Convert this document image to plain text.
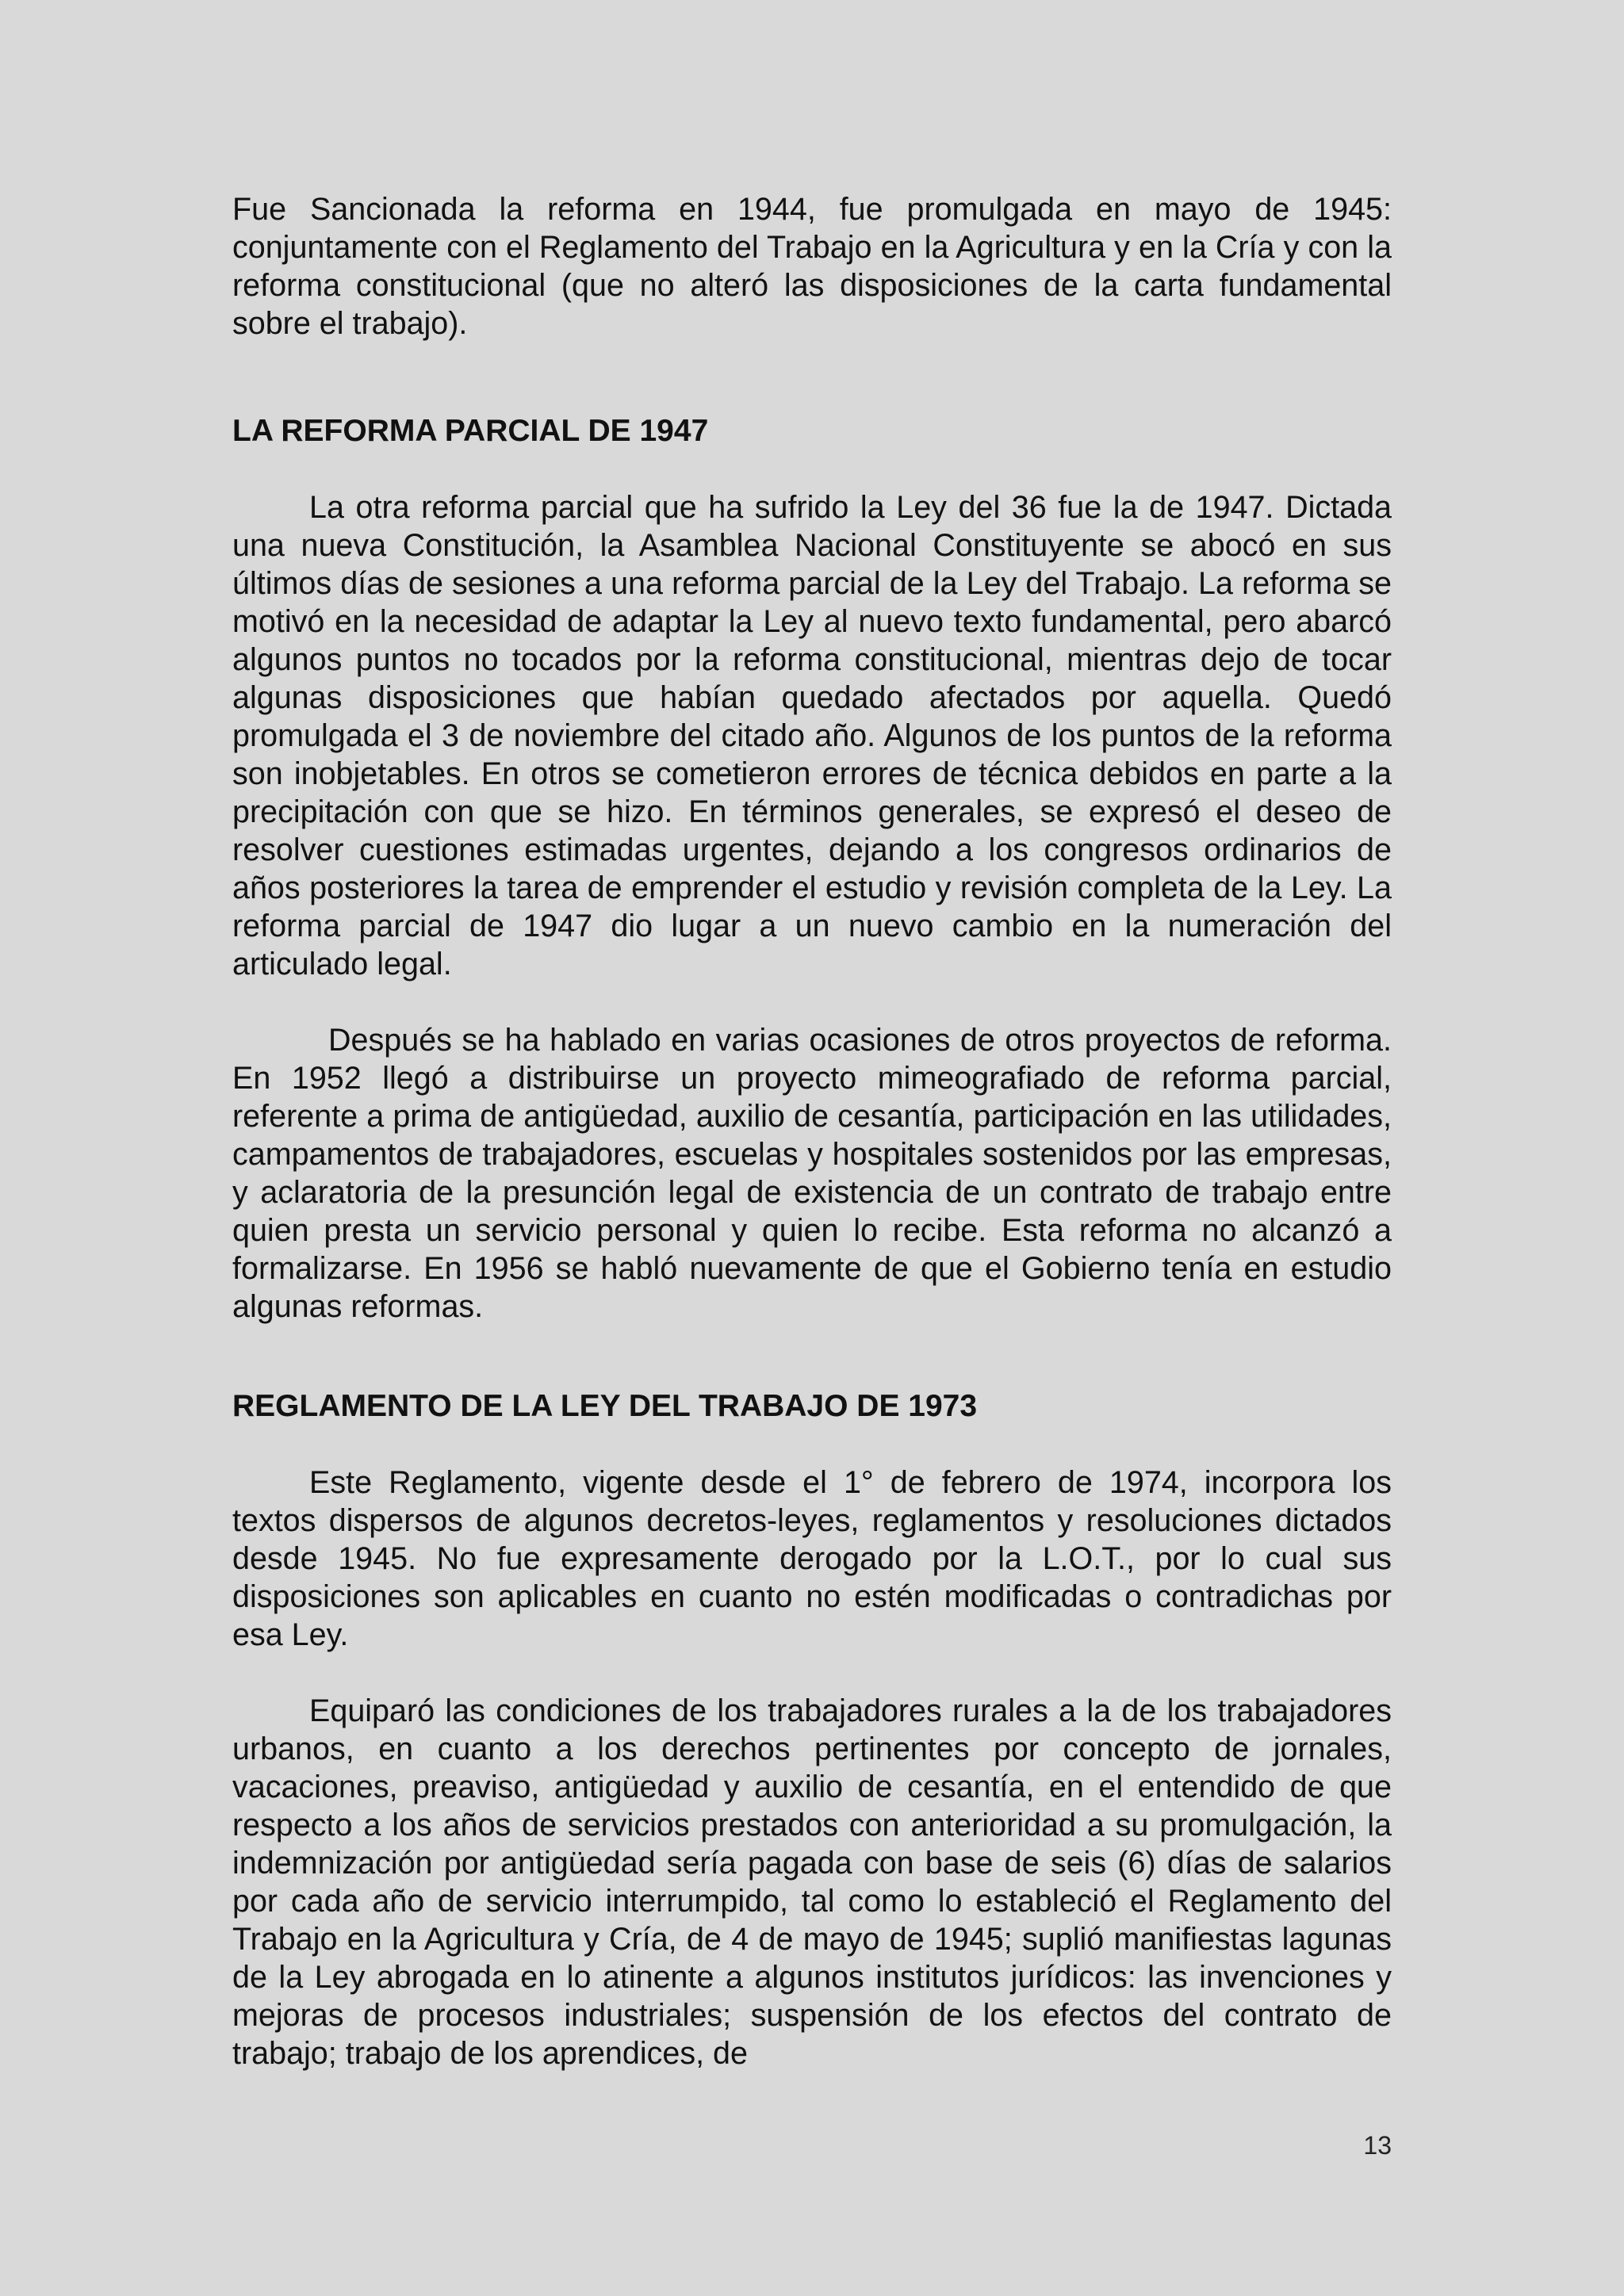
Fue Sancionada la reforma en 1944, fue promulgada en mayo de 1945: conjuntamente con el Reglamento del Trabajo en la Agricultura y en la Cría y con la reforma constitucional (que no alteró las disposiciones de la carta fundamental sobre el trabajo).

LA REFORMA PARCIAL DE 1947

La otra reforma parcial que ha sufrido la Ley del 36 fue la de 1947. Dictada una nueva Constitución, la Asamblea Nacional Constituyente se abocó en sus últimos días de sesiones a una reforma parcial de la Ley del Trabajo. La reforma se motivó en la necesidad de adaptar la Ley al nuevo texto fundamental, pero abarcó algunos puntos no tocados por la reforma constitucional, mientras dejo de tocar algunas disposiciones que habían quedado afectados por aquella. Quedó promulgada el 3 de noviembre del citado año. Algunos de los puntos de la reforma son inobjetables. En otros se cometieron errores de técnica debidos en parte a la precipitación con que se hizo. En términos generales, se expresó el deseo de resolver cuestiones estimadas urgentes, dejando a los congresos ordinarios de años posteriores la tarea de emprender el estudio y revisión completa de la Ley. La reforma parcial de 1947 dio lugar a un nuevo cambio en la numeración del articulado legal.

Después se ha hablado en varias ocasiones de otros proyectos de reforma. En 1952 llegó a distribuirse un proyecto mimeografiado de reforma parcial, referente a prima de antigüedad, auxilio de cesantía, participación en las utilidades, campamentos de trabajadores, escuelas y hospitales sostenidos por las empresas, y aclaratoria de la presunción legal de existencia de un contrato de trabajo entre quien presta un servicio personal y quien lo recibe. Esta reforma no alcanzó a formalizarse. En 1956 se habló nuevamente de que el Gobierno tenía en estudio algunas reformas.

REGLAMENTO DE LA LEY DEL TRABAJO DE 1973

Este Reglamento, vigente desde el 1° de febrero de 1974, incorpora los textos dispersos de algunos decretos-leyes, reglamentos y resoluciones dictados desde 1945. No fue expresamente derogado por la L.O.T., por lo cual sus disposiciones son aplicables en cuanto no estén modificadas o contradichas por esa Ley.

Equiparó las condiciones de los trabajadores rurales a la de los trabajadores urbanos, en cuanto a los derechos pertinentes por concepto de jornales, vacaciones, preaviso, antigüedad y auxilio de cesantía, en el entendido de que respecto a los años de servicios prestados con anterioridad a su promulgación, la indemnización por antigüedad sería pagada con base de seis (6) días de salarios por cada año de servicio interrumpido, tal como lo estableció el Reglamento del Trabajo en la Agricultura y Cría, de 4 de mayo de 1945; suplió manifiestas lagunas de la Ley abrogada en lo atinente a algunos institutos jurídicos: las invenciones y mejoras de procesos industriales; suspensión de los efectos del contrato de trabajo; trabajo de los aprendices, de

13
